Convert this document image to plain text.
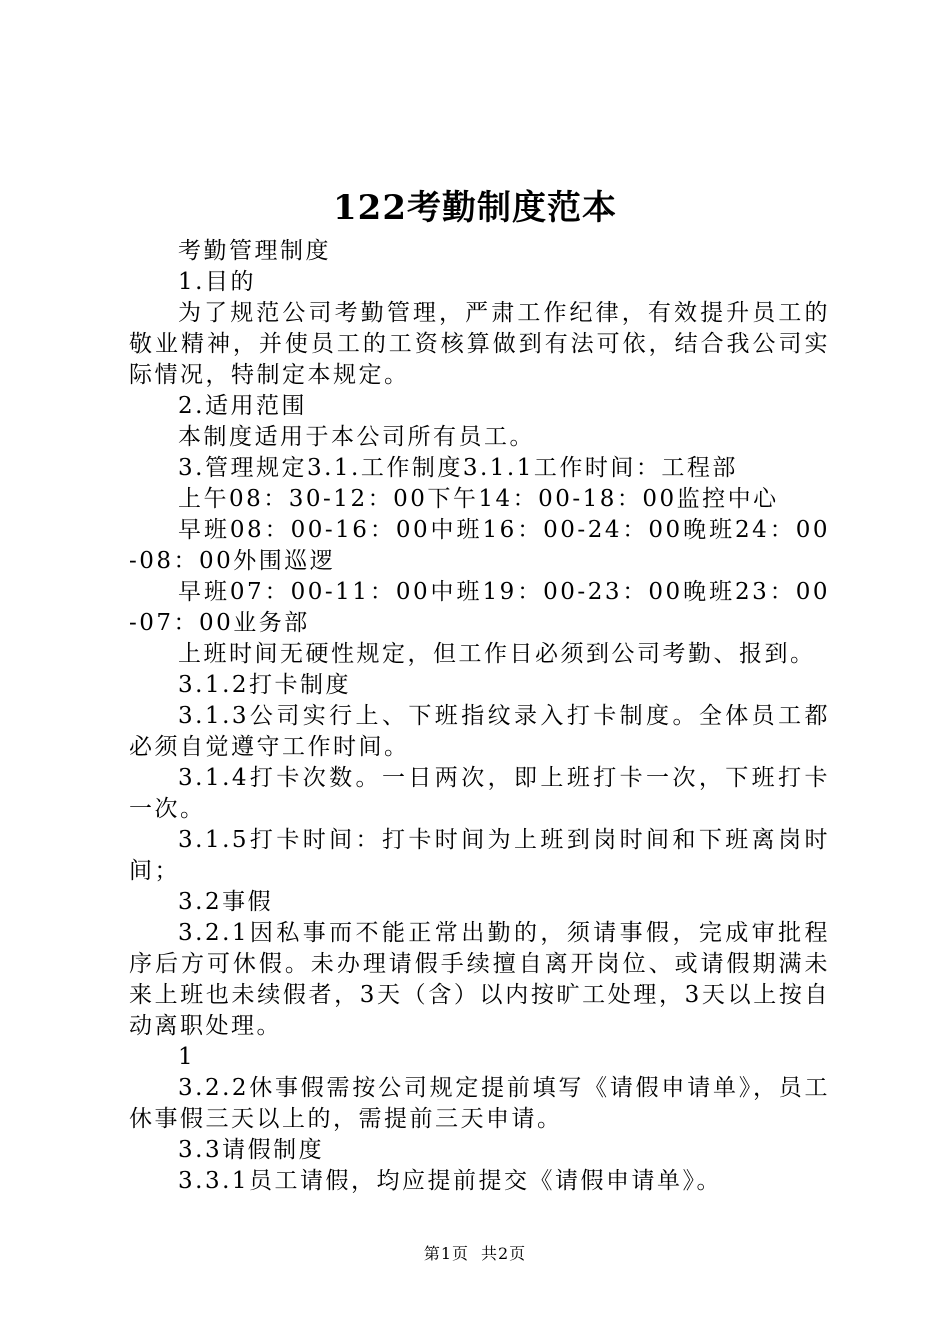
122考勤制度范本

考勤管理制度

1.目的

为了规范公司考勤管理，严肃工作纪律，有效提升员工的敬业精神，并使员工的工资核算做到有法可依，结合我公司实际情况，特制定本规定。

2.适用范围

本制度适用于本公司所有员工。

3.管理规定3.1.工作制度3.1.1工作时间：工程部

上午08：30-12：00下午14：00-18：00监控中心

早班08：00-16：00中班16：00-24：00晚班24：00-08：00外围巡逻

早班07：00-11：00中班19：00-23：00晚班23：00-07：00业务部

上班时间无硬性规定，但工作日必须到公司考勤、报到。

3.1.2打卡制度

3.1.3公司实行上、下班指纹录入打卡制度。全体员工都必须自觉遵守工作时间。

3.1.4打卡次数。一日两次，即上班打卡一次，下班打卡一次。

3.1.5打卡时间：打卡时间为上班到岗时间和下班离岗时间；

3.2事假

3.2.1因私事而不能正常出勤的，须请事假，完成审批程序后方可休假。未办理请假手续擅自离开岗位、或请假期满未来上班也未续假者，3天（含）以内按旷工处理，3天以上按自动离职处理。

1

3.2.2休事假需按公司规定提前填写《请假申请单》，员工休事假三天以上的，需提前三天申请。

3.3请假制度

3.3.1员工请假，均应提前提交《请假申请单》。

第1页 共2页
